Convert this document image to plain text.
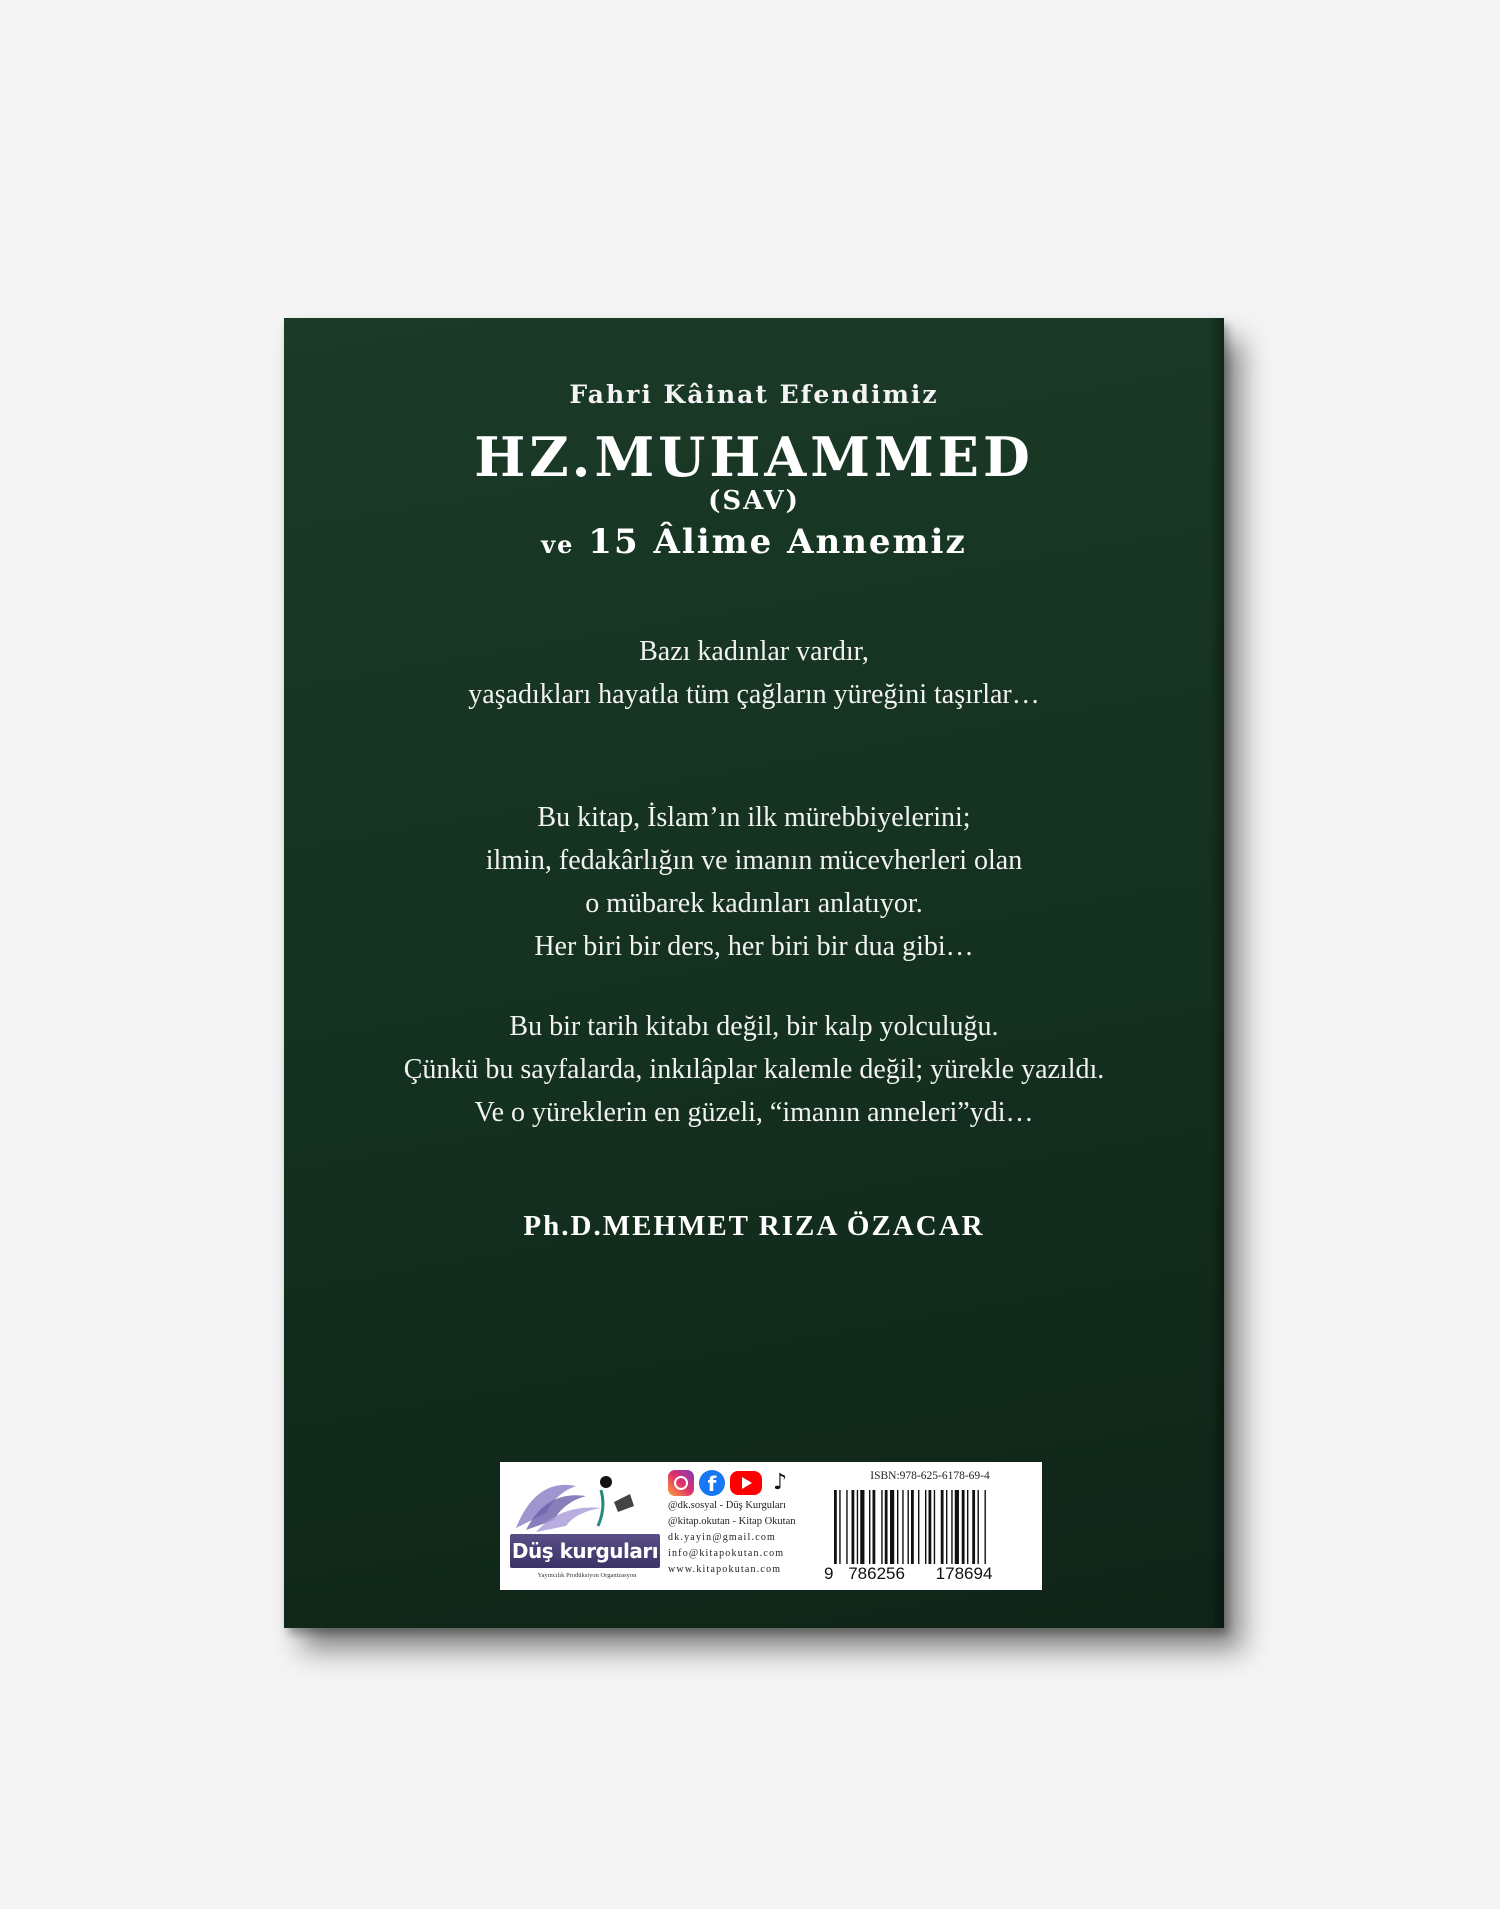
Fahri Kâinat Efendimiz
HZ.MUHAMMED
(SAV)
ve 15 Âlime Annemiz
Bazı kadınlar vardır,
yaşadıkları hayatla tüm çağların yüreğini taşırlar…
Bu kitap, İslam’ın ilk mürebbiyelerini;
ilmin, fedakârlığın ve imanın mücevherleri olan
o mübarek kadınları anlatıyor.
Her biri bir ders, her biri bir dua gibi…
Bu bir tarih kitabı değil, bir kalp yolculuğu.
Çünkü bu sayfalarda, inkılâplar kalemle değil; yürekle yazıldı.
Ve o yüreklerin en güzeli, “imanın anneleri”ydi…
Ph.D.MEHMET RIZA ÖZACAR
Düş kurguları
Yayıncılık Prodüksiyon Organizasyon
f	♪
@dk.sosyal - Düş Kurguları
@kitap.okutan - Kitap Okutan
dk.yayin@gmail.com
info@kitapokutan.com
www.kitapokutan.com
ISBN:978-625-6178-69-4
9 786256 178694
